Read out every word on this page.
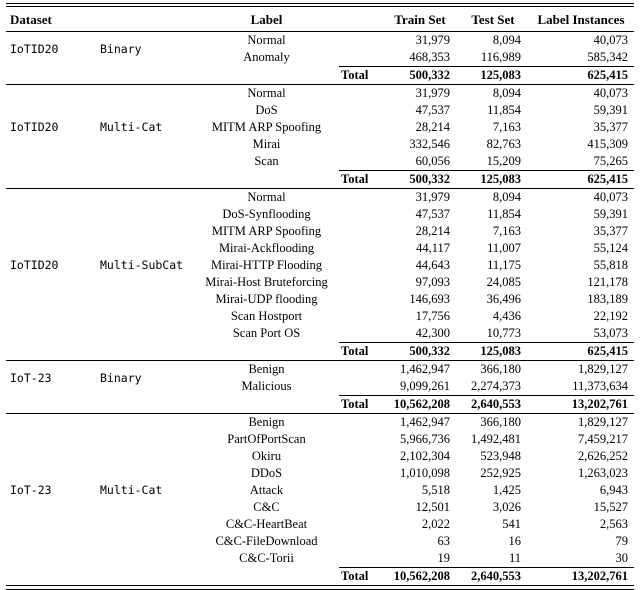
Dataset		Label		Train Set	Test Set	Label Instances
IoTID20	Binary	Normal		31,979	8,094	40,073
		Anomaly		468,353	116,989	585,342
			Total	500,332	125,083	625,415
IoTID20	Multi-Cat	Normal		31,979	8,094	40,073
		DoS		47,537	11,854	59,391
		MITM ARP Spoofing		28,214	7,163	35,377
		Mirai		332,546	82,763	415,309
		Scan		60,056	15,209	75,265
			Total	500,332	125,083	625,415
IoTID20	Multi-SubCat	Normal		31,979	8,094	40,073
		DoS-Synflooding		47,537	11,854	59,391
		MITM ARP Spoofing		28,214	7,163	35,377
		Mirai-Ackflooding		44,117	11,007	55,124
		Mirai-HTTP Flooding		44,643	11,175	55,818
		Mirai-Host Bruteforcing		97,093	24,085	121,178
		Mirai-UDP flooding		146,693	36,496	183,189
		Scan Hostport		17,756	4,436	22,192
		Scan Port OS		42,300	10,773	53,073
			Total	500,332	125,083	625,415
IoT-23	Binary	Benign		1,462,947	366,180	1,829,127
		Malicious		9,099,261	2,274,373	11,373,634
			Total	10,562,208	2,640,553	13,202,761
IoT-23	Multi-Cat	Benign		1,462,947	366,180	1,829,127
		PartOfPortScan		5,966,736	1,492,481	7,459,217
		Okiru		2,102,304	523,948	2,626,252
		DDoS		1,010,098	252,925	1,263,023
		Attack		5,518	1,425	6,943
		C&C		12,501	3,026	15,527
		C&C-HeartBeat		2,022	541	2,563
		C&C-FileDownload		63	16	79
		C&C-Torii		19	11	30
			Total	10,562,208	2,640,553	13,202,761
